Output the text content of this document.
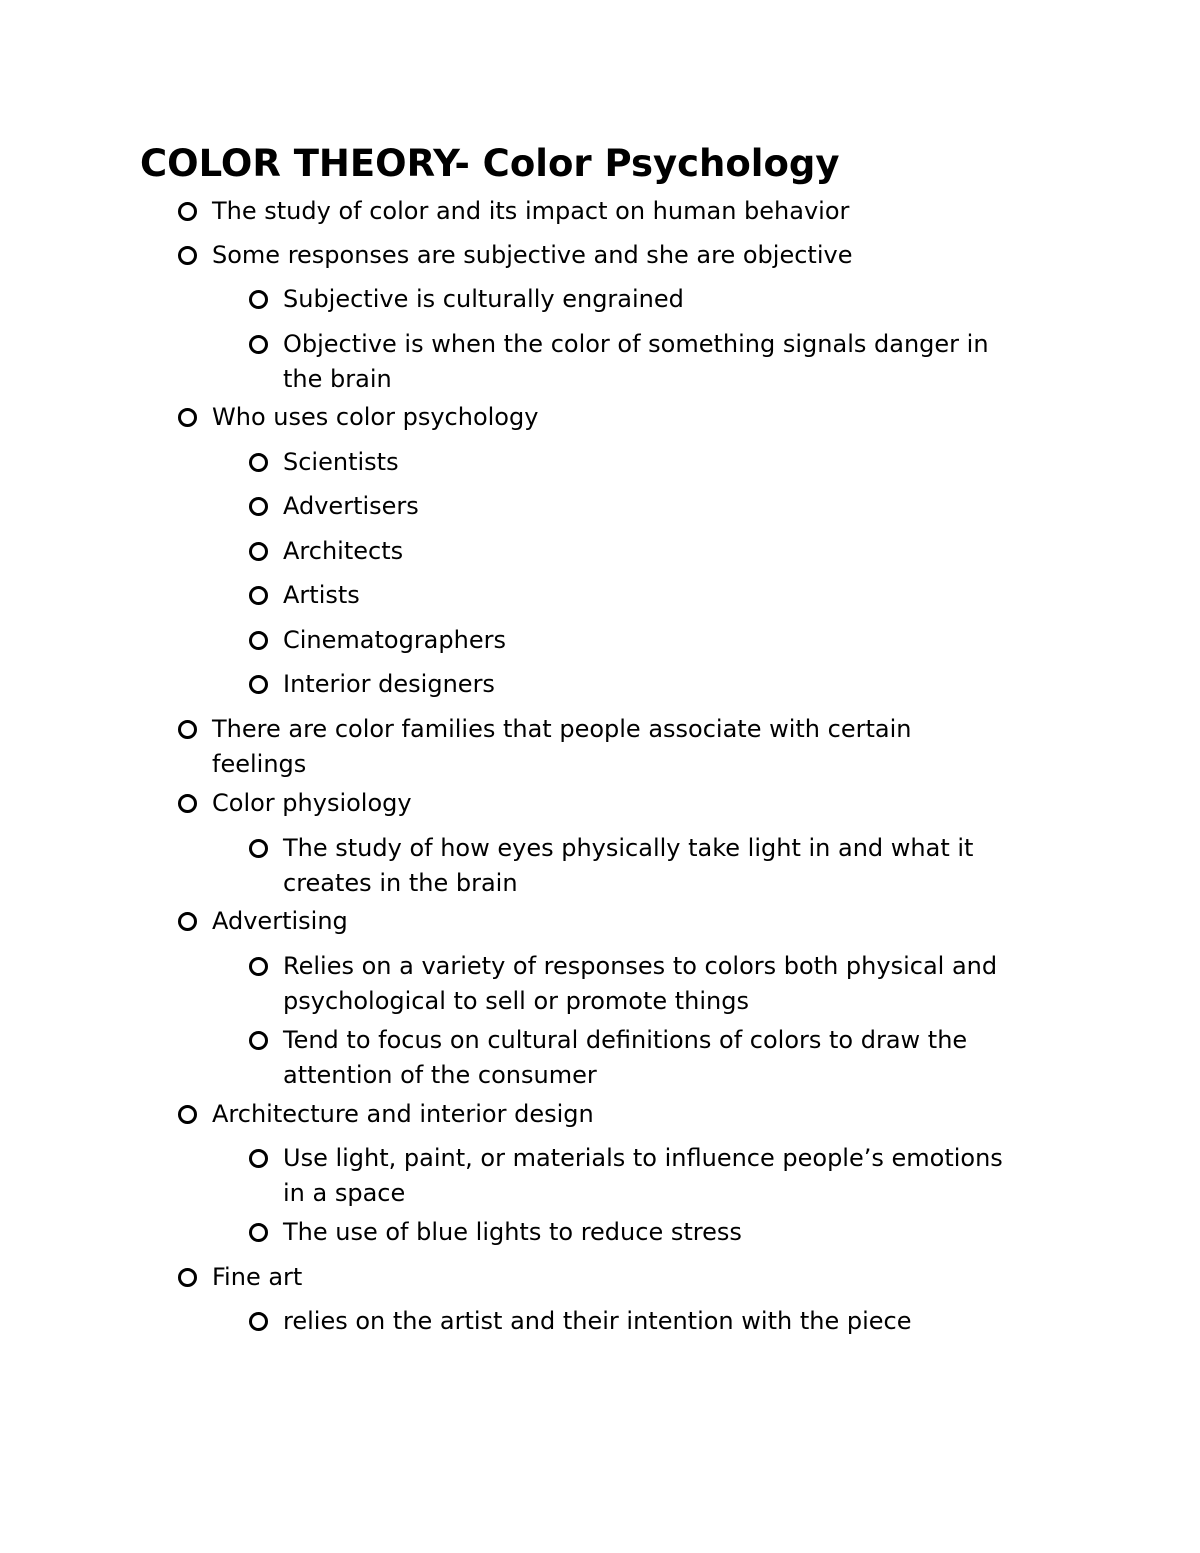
COLOR THEORY- Color Psychology
The study of color and its impact on human behavior
Some responses are subjective and she are objective
Subjective is culturally engrained
Objective is when the color of something signals danger in
the brain
Who uses color psychology
Scientists
Advertisers
Architects
Artists
Cinematographers
Interior designers
There are color families that people associate with certain
feelings
Color physiology
The study of how eyes physically take light in and what it
creates in the brain
Advertising
Relies on a variety of responses to colors both physical and
psychological to sell or promote things
Tend to focus on cultural definitions of colors to draw the
attention of the consumer
Architecture and interior design
Use light, paint, or materials to influence people’s emotions
in a space
The use of blue lights to reduce stress
Fine art
relies on the artist and their intention with the piece
